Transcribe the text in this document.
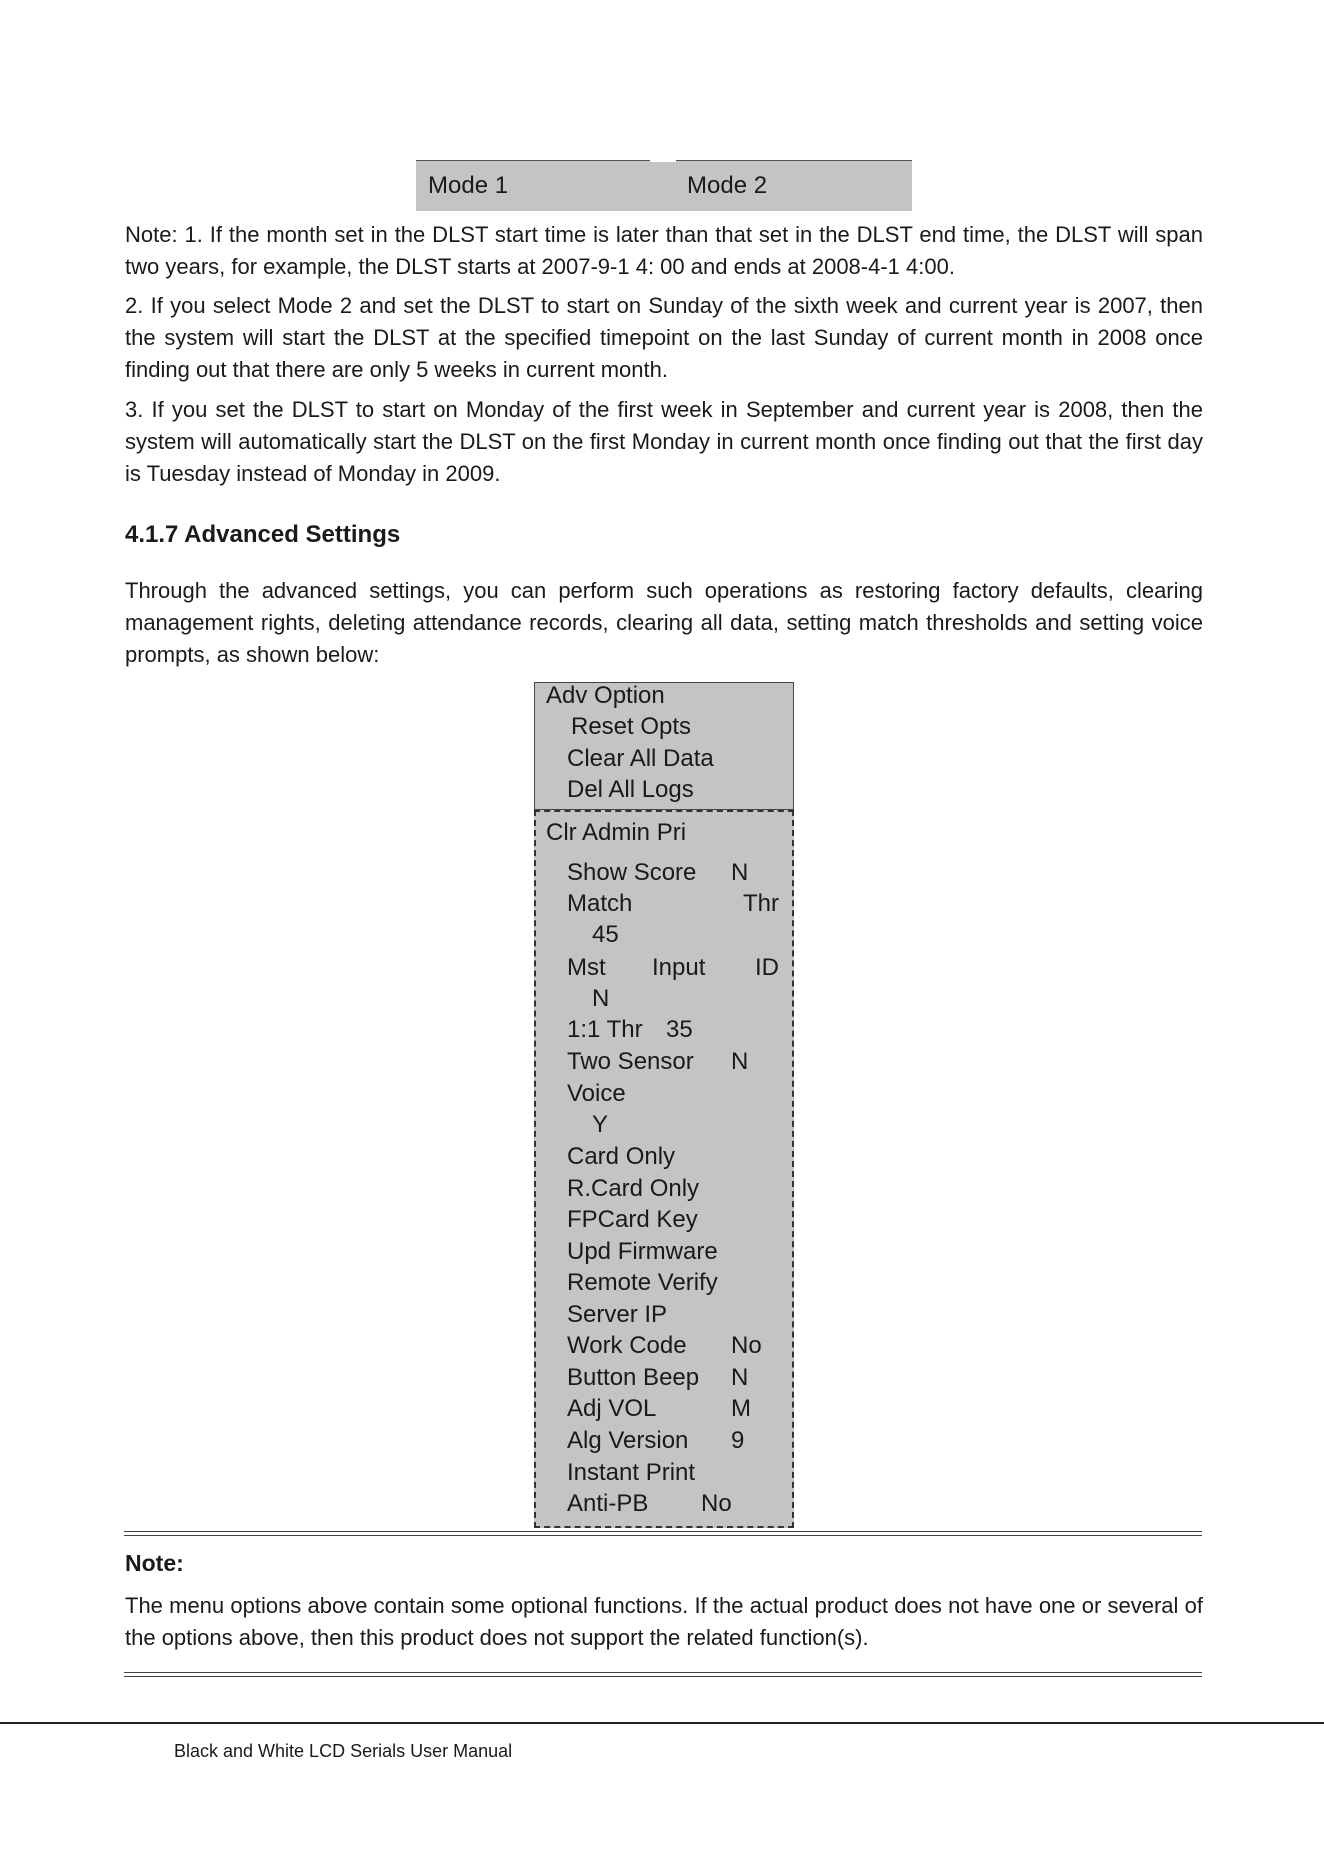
Mode 1	Mode 2

Note: 1. If the month set in the DLST start time is later than that set in the DLST end time, the DLST will span two years, for example, the DLST starts at 2007-9-1 4: 00 and ends at 2008-4-1 4:00.

2. If you select Mode 2 and set the DLST to start on Sunday of the sixth week and current year is 2007, then the system will start the DLST at the specified timepoint on the last Sunday of current month in 2008 once finding out that there are only 5 weeks in current month.

3. If you set the DLST to start on Monday of the first week in September and current year is 2008, then the system will automatically start the DLST on the first Monday in current month once finding out that the first day is Tuesday instead of Monday in 2009.

4.1.7 Advanced Settings

Through the advanced settings, you can perform such operations as restoring factory defaults, clearing management rights, deleting attendance records, clearing all data, setting match thresholds and setting voice prompts, as shown below:

Adv Option
Reset Opts
Clear All Data
Del All Logs
Clr Admin Pri
Show Score N
Match	Thr
45
Mst Input ID
N
1:1 Thr 35
Two Sensor N
Voice
Y
Card Only
R.Card Only
FPCard Key
Upd Firmware
Remote Verify
Server IP
Work Code No
Button Beep N
Adj VOL	M
Alg Version 9
Instant Print
Anti-PB No
Note:

The menu options above contain some optional functions. If the actual product does not have one or several of the options above, then this product does not support the related function(s).

Black and White LCD Serials User Manual
